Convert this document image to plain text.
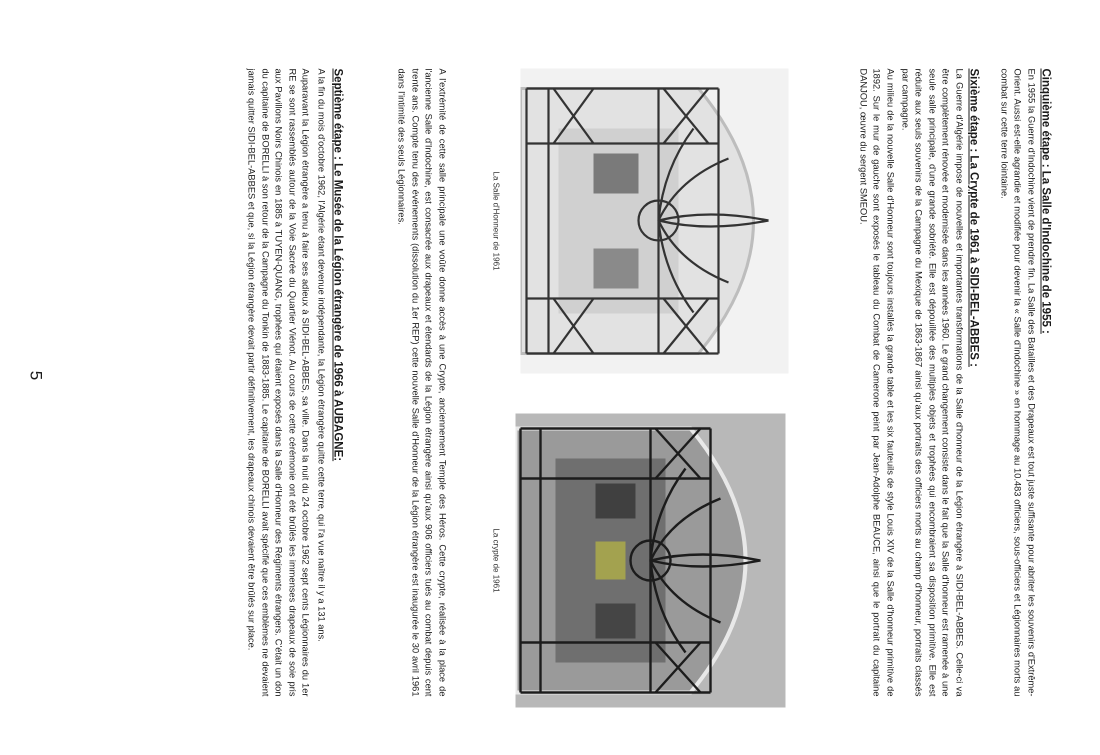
Cinquième étape : La Salle d'Indochine de 1955 :

En 1955 la Guerre d'Indochine vient de prendre fin. La Salle des Batailles et des Drapeaux est tout juste suffisante pour abriter les souvenirs d'Extrême-Orient. Aussi est-elle agrandie et modifiée pour devenir la « Salle d'Indochine » en hommage au 10.483 officiers, sous-officiers et Légionnaires morts au combat sur cette terre lointaine.

Sixième étape : La Crypte de 1961 à SIDI-BEL-ABBES :

La Guerre d'Algérie impose de nouvelles et importantes transformations de la Salle d'honneur de la Légion étrangère à SIDI-BEL-ABBES. Celle-ci va être complètement rénovée et modernisée dans les années 1960. Le grand changement consiste dans le fait que la Salle d'honneur est ramenée à une seule salle principale, d'une grande sobriété. Elle est dépouillée des multiples objets et trophées qui encombraient sa disposition primitive. Elle est réduite aux seuls souvenirs de la Campagne du Mexique de 1863-1867 ainsi qu'aux portraits des officiers morts au champ d'honneur, portraits classés par campagne.

Au milieu de la nouvelle Salle d'Honneur sont toujours installés la grande table et les six fauteuils de style Louis XIV de la Salle d'honneur primitive de 1892. Sur le mur de gauche sont exposés le tableau du Combat de Camerone peint par Jean-Adolphe BEAUCE, ainsi que le portrait du capitaine DANJOU, œuvre du sergent SMEOU.

La Salle d'Honneur de 1961
La crypte de 1961

A l'extrémité de cette salle principale une voûte donne accès à une Crypte, anciennement Temple des Héros. Cette crypte, réalisée à la place de l'ancienne Salle d'Indochine, est consacrée aux drapeaux et étendards de la Légion étrangère ainsi qu'aux 906 officiers tués au combat depuis cent trente ans. Compte tenu des événements (dissolution du 1er REP) cette nouvelle Salle d'Honneur de la Légion étrangère est inaugurée le 30 avril 1961 dans l'intimité des seuls Légionnaires.

Septième étape : Le Musée de la Légion étrangère de 1966 à AUBAGNE:

A la fin du mois d'octobre 1962, l'Algérie étant devenue indépendante, la Légion étrangère quitte cette terre, qui l'a vue naître il y a 131 ans.

Auparavant la Légion étrangère a tenu à faire ses adieux à SIDI-BEL-ABBES, sa ville. Dans la nuit du 24 octobre 1962 sept cents Légionnaires du 1er RE se sont rassemblés autour de la Voie Sacrée du Quartier Viénot. Au cours de cette cérémonie ont été brûlés les immenses drapeaux de soie pris aux Pavillons Noirs Chinois en 1885 à TUYEN-QUANG, trophées qui étaient exposés dans la Salle d'Honneur des Régiments étrangers. C'était un don du capitaine de BORELLI à son retour de la Campagne du Tonkin de 1883-1885. Le capitaine de BORELLI avait spécifié que ces emblèmes ne devaient jamais quitter SIDI-BEL-ABBES et que, si la Légion étrangère devait partir définitivement, les drapeaux chinois devaient être brûlés sur place.

5
